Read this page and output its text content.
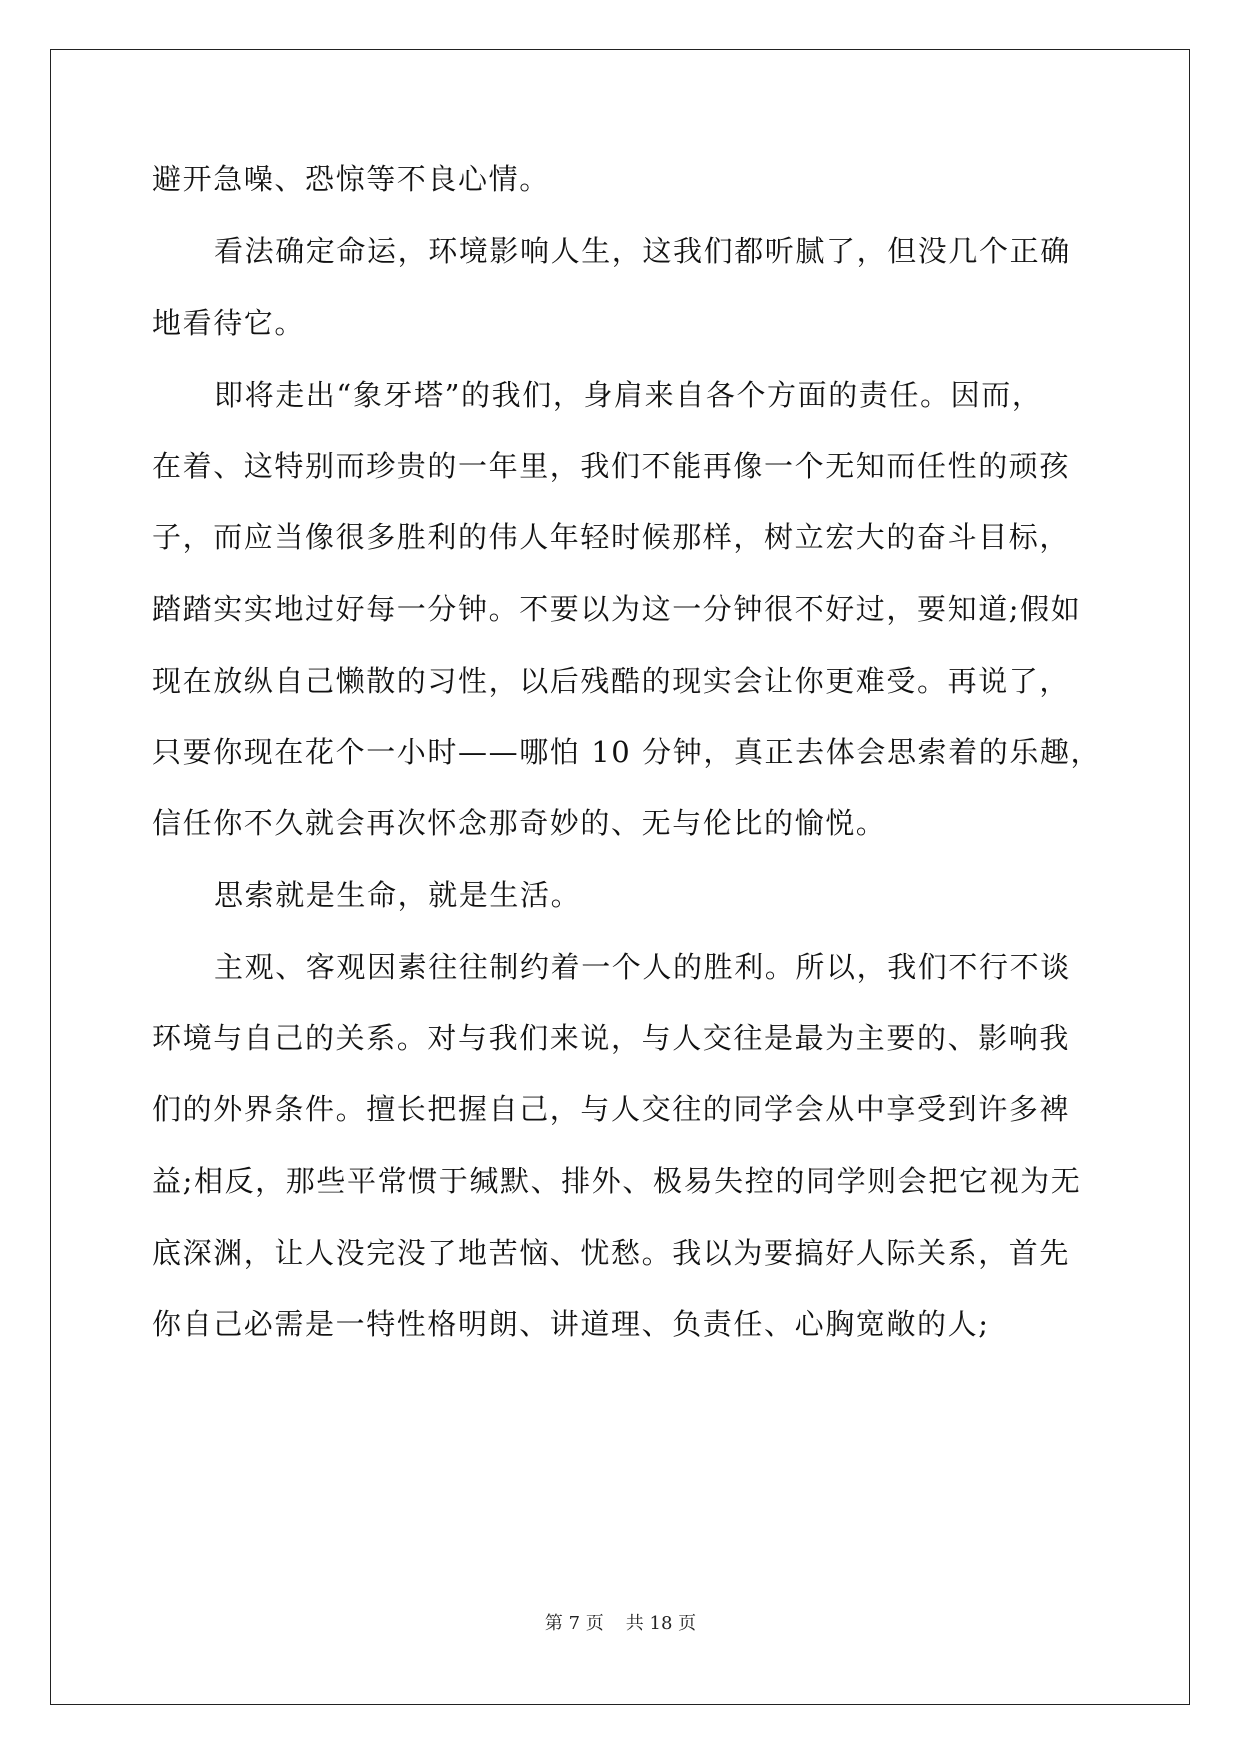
避开急噪、恐惊等不良心情。
看法确定命运，环境影响人生，这我们都听腻了，但没几个正确
地看待它。
即将走出“象牙塔”的我们，身肩来自各个方面的责任。因而，
在着、这特别而珍贵的一年里，我们不能再像一个无知而任性的顽孩
子，而应当像很多胜利的伟人年轻时候那样，树立宏大的奋斗目标，
踏踏实实地过好每一分钟。不要以为这一分钟很不好过，要知道;假如
现在放纵自己懒散的习性，以后残酷的现实会让你更难受。再说了，
只要你现在花个一小时——哪怕 10 分钟，真正去体会思索着的乐趣，
信任你不久就会再次怀念那奇妙的、无与伦比的愉悦。
思索就是生命，就是生活。
主观、客观因素往往制约着一个人的胜利。所以，我们不行不谈
环境与自己的关系。对与我们来说，与人交往是最为主要的、影响我
们的外界条件。擅长把握自己，与人交往的同学会从中享受到许多裨
益;相反，那些平常惯于缄默、排外、极易失控的同学则会把它视为无
底深渊，让人没完没了地苦恼、忧愁。我以为要搞好人际关系，首先
你自己必需是一特性格明朗、讲道理、负责任、心胸宽敞的人;
第 7 页 共 18 页
